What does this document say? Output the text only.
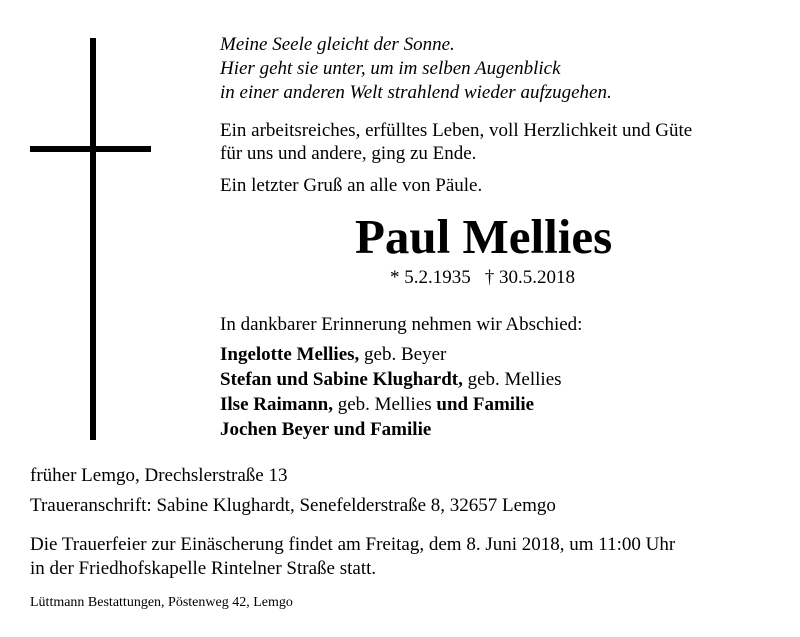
Meine Seele gleicht der Sonne.
Hier geht sie unter, um im selben Augenblick
in einer anderen Welt strahlend wieder aufzugehen.
Ein arbeitsreiches, erfülltes Leben, voll Herzlichkeit und Güte
für uns und andere, ging zu Ende.
Ein letzter Gruß an alle von Päule.
Paul Mellies
* 5.2.1935 † 30.5.2018
In dankbarer Erinnerung nehmen wir Abschied:
Ingelotte Mellies, geb. Beyer
Stefan und Sabine Klughardt, geb. Mellies
Ilse Raimann, geb. Mellies und Familie
Jochen Beyer und Familie
früher Lemgo, Drechslerstraße 13
Traueranschrift: Sabine Klughardt, Senefelderstraße 8, 32657 Lemgo
Die Trauerfeier zur Einäscherung findet am Freitag, dem 8. Juni 2018, um 11:00 Uhr
in der Friedhofskapelle Rintelner Straße statt.
Lüttmann Bestattungen, Pöstenweg 42, Lemgo
